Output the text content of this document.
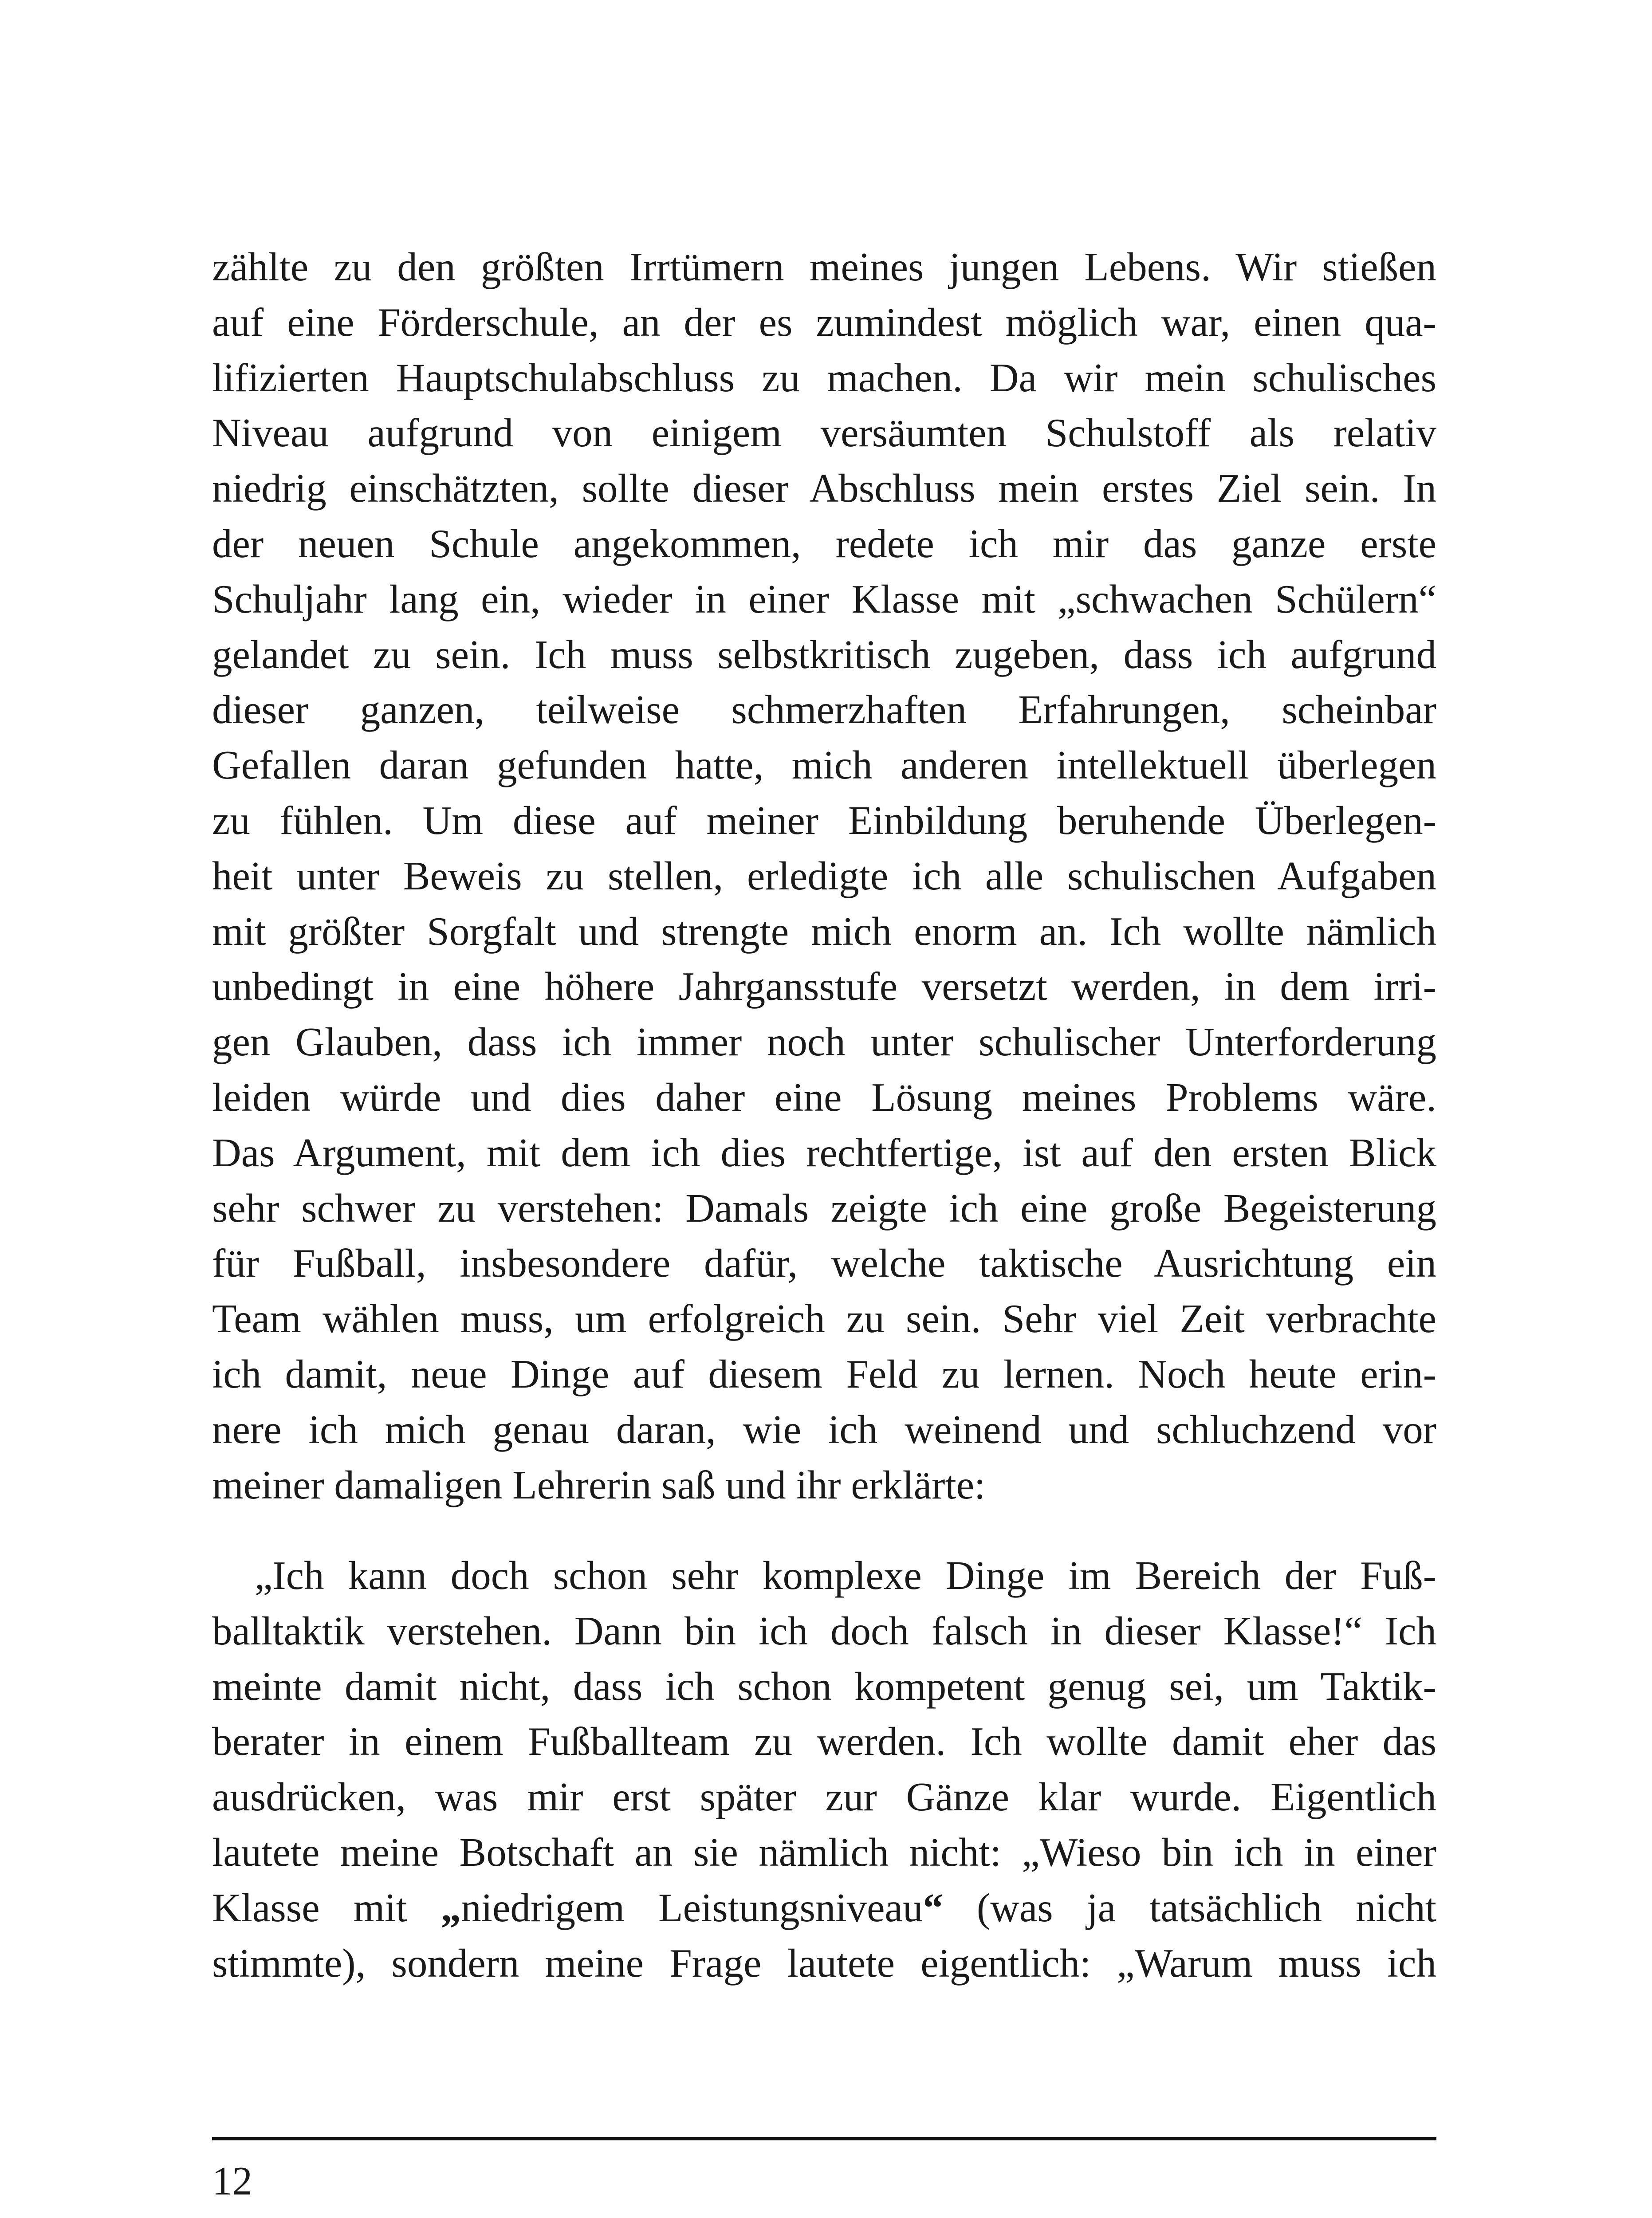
zählte zu den größten Irrtümern meines jungen Lebens. Wir stießen
auf eine Förderschule, an der es zumindest möglich war, einen qua-
lifizierten Hauptschulabschluss zu machen. Da wir mein schulisches
Niveau aufgrund von einigem versäumten Schulstoff als relativ
niedrig einschätzten, sollte dieser Abschluss mein erstes Ziel sein. In
der neuen Schule angekommen, redete ich mir das ganze erste
Schuljahr lang ein, wieder in einer Klasse mit „schwachen Schülern“
gelandet zu sein. Ich muss selbstkritisch zugeben, dass ich aufgrund
dieser ganzen, teilweise schmerzhaften Erfahrungen, scheinbar
Gefallen daran gefunden hatte, mich anderen intellektuell überlegen
zu fühlen. Um diese auf meiner Einbildung beruhende Überlegen-
heit unter Beweis zu stellen, erledigte ich alle schulischen Aufgaben
mit größter Sorgfalt und strengte mich enorm an. Ich wollte nämlich
unbedingt in eine höhere Jahrgansstufe versetzt werden, in dem irri-
gen Glauben, dass ich immer noch unter schulischer Unterforderung
leiden würde und dies daher eine Lösung meines Problems wäre.
Das Argument, mit dem ich dies rechtfertige, ist auf den ersten Blick
sehr schwer zu verstehen: Damals zeigte ich eine große Begeisterung
für Fußball, insbesondere dafür, welche taktische Ausrichtung ein
Team wählen muss, um erfolgreich zu sein. Sehr viel Zeit verbrachte
ich damit, neue Dinge auf diesem Feld zu lernen. Noch heute erin-
nere ich mich genau daran, wie ich weinend und schluchzend vor
meiner damaligen Lehrerin saß und ihr erklärte:
„Ich kann doch schon sehr komplexe Dinge im Bereich der Fuß-
balltaktik verstehen. Dann bin ich doch falsch in dieser Klasse!“ Ich
meinte damit nicht, dass ich schon kompetent genug sei, um Taktik-
berater in einem Fußballteam zu werden. Ich wollte damit eher das
ausdrücken, was mir erst später zur Gänze klar wurde. Eigentlich
lautete meine Botschaft an sie nämlich nicht: „Wieso bin ich in einer
Klasse mit „niedrigem Leistungsniveau“ (was ja tatsächlich nicht
stimmte), sondern meine Frage lautete eigentlich: „Warum muss ich
12
